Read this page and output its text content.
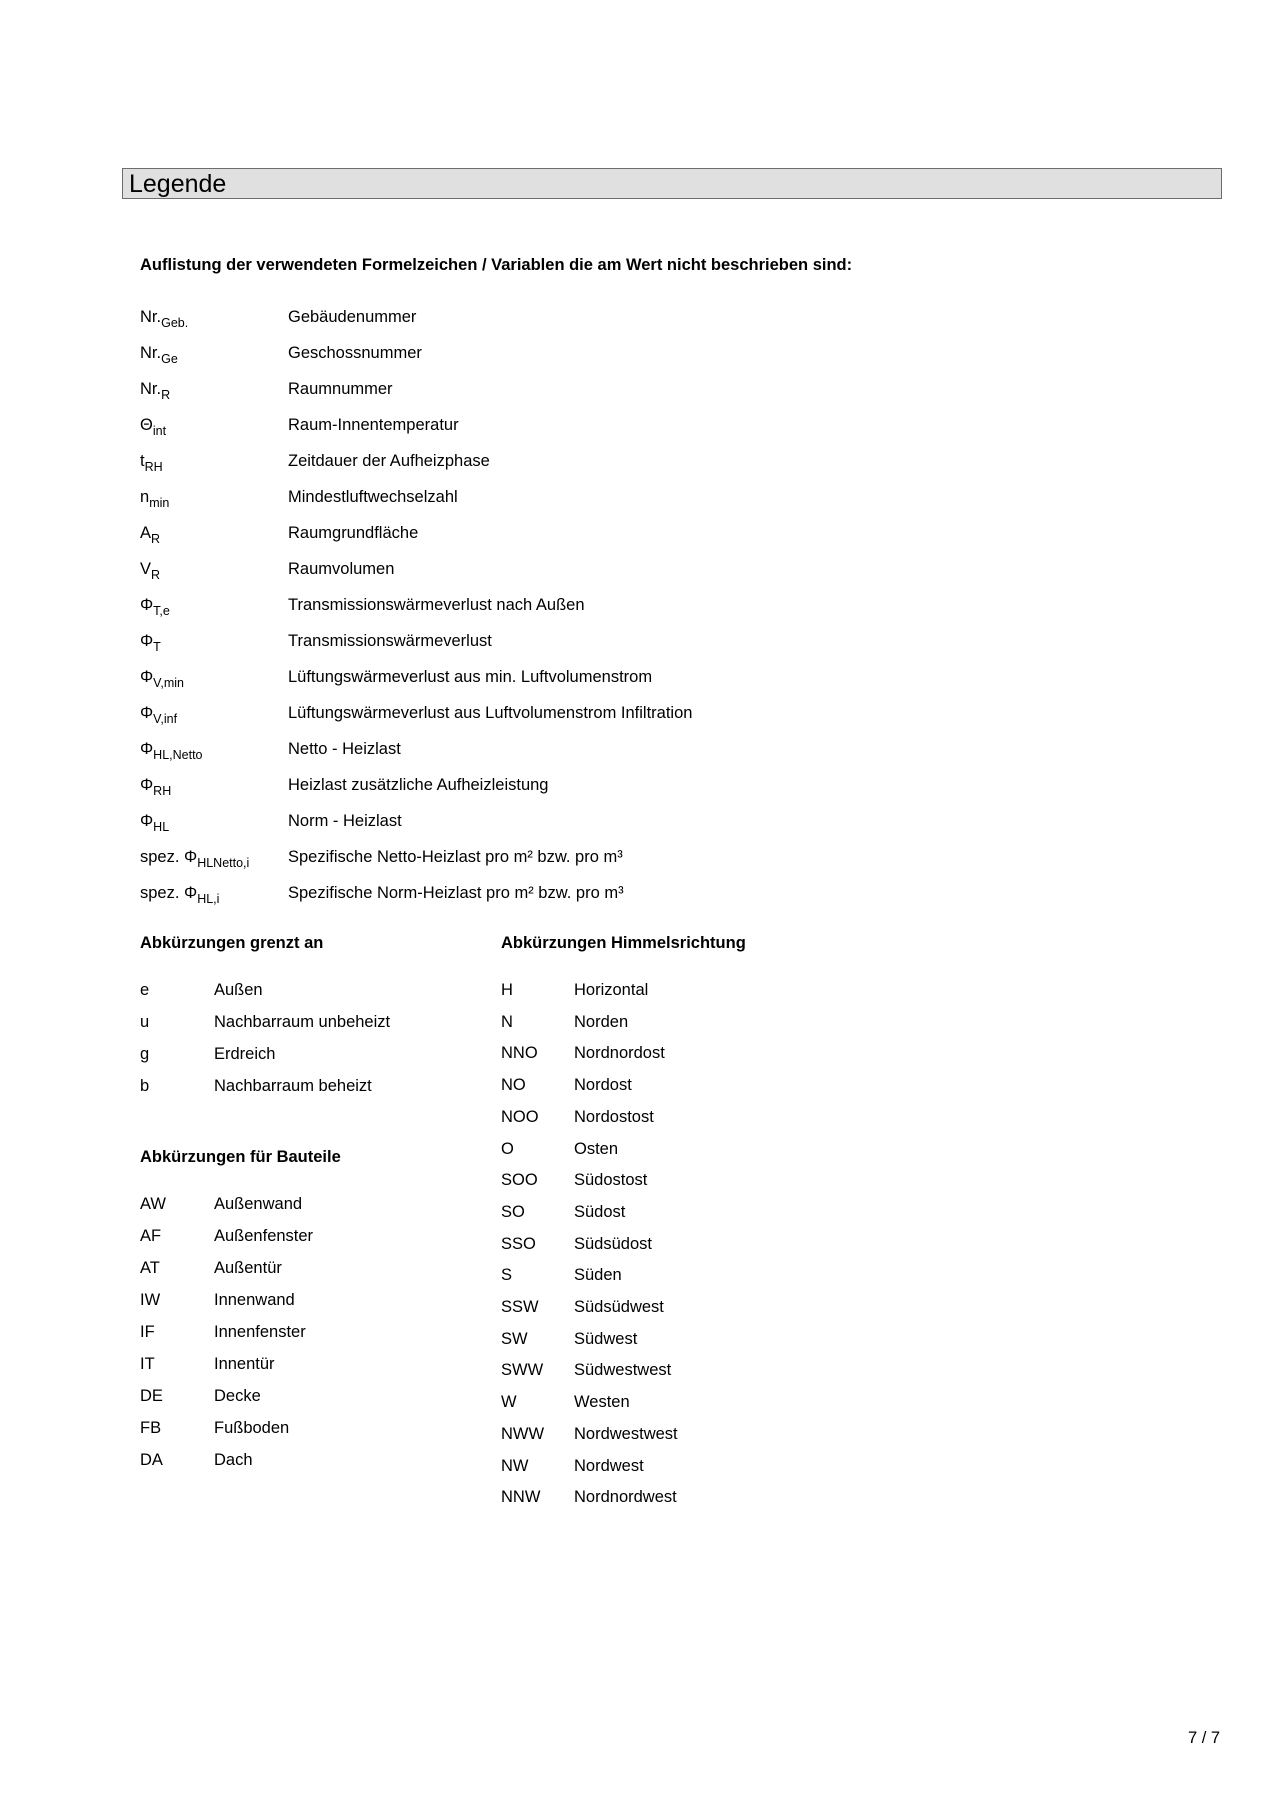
Legende
Auflistung der verwendeten Formelzeichen / Variablen die am Wert nicht beschrieben sind:
$Nr._{Geb.}$	Gebäudenummer
$Nr._{Ge}$	Geschossnummer
$Nr._R$	Raumnummer
$\Theta_{int}$	Raum-Innentemperatur
$t_{RH}$	Zeitdauer der Aufheizphase
$n_{min}$	Mindestluftwechselzahl
$A_R$	Raumgrundfläche
$V_R$	Raumvolumen
$\Phi_{T,e}$	Transmissionswärmeverlust nach Außen
$\Phi_T$	Transmissionswärmeverlust
$\Phi_{V,min}$	Lüftungswärmeverlust aus min. Luftvolumenstrom
$\Phi_{V,inf}$	Lüftungswärmeverlust aus Luftvolumenstrom Infiltration
$\Phi_{HL,Netto}$	Netto - Heizlast
$\Phi_{RH}$	Heizlast zusätzliche Aufheizleistung
$\Phi_{HL}$	Norm - Heizlast
spez. $\Phi_{HLNetto,i}$ Spezifische Netto-Heizlast pro m² bzw. pro m³
spez. $\Phi_{HL,i}$	Spezifische Norm-Heizlast pro m² bzw. pro m³
Abkürzungen grenzt an
e	Außen
u	Nachbarraum unbeheizt
g	Erdreich
b	Nachbarraum beheizt
Abkürzungen für Bauteile
AW	Außenwand
AF	Außenfenster
AT	Außentür
IW	Innenwand
IF	Innenfenster
IT	Innentür
DE	Decke
FB	Fußboden
DA	Dach
Abkürzungen Himmelsrichtung
H	Horizontal
N	Norden
NNO Nordnordost
NO	Nordost
NOO Nordostost
O	Osten
SOO Südostost
SO	Südost
SSO Südsüdost
S	Süden
SSW Südsüdwest
SW	Südwest
SWW Südwestwest
W	Westen
NWW Nordwestwest
NW	Nordwest
NNW Nordnordwest
7 / 7
